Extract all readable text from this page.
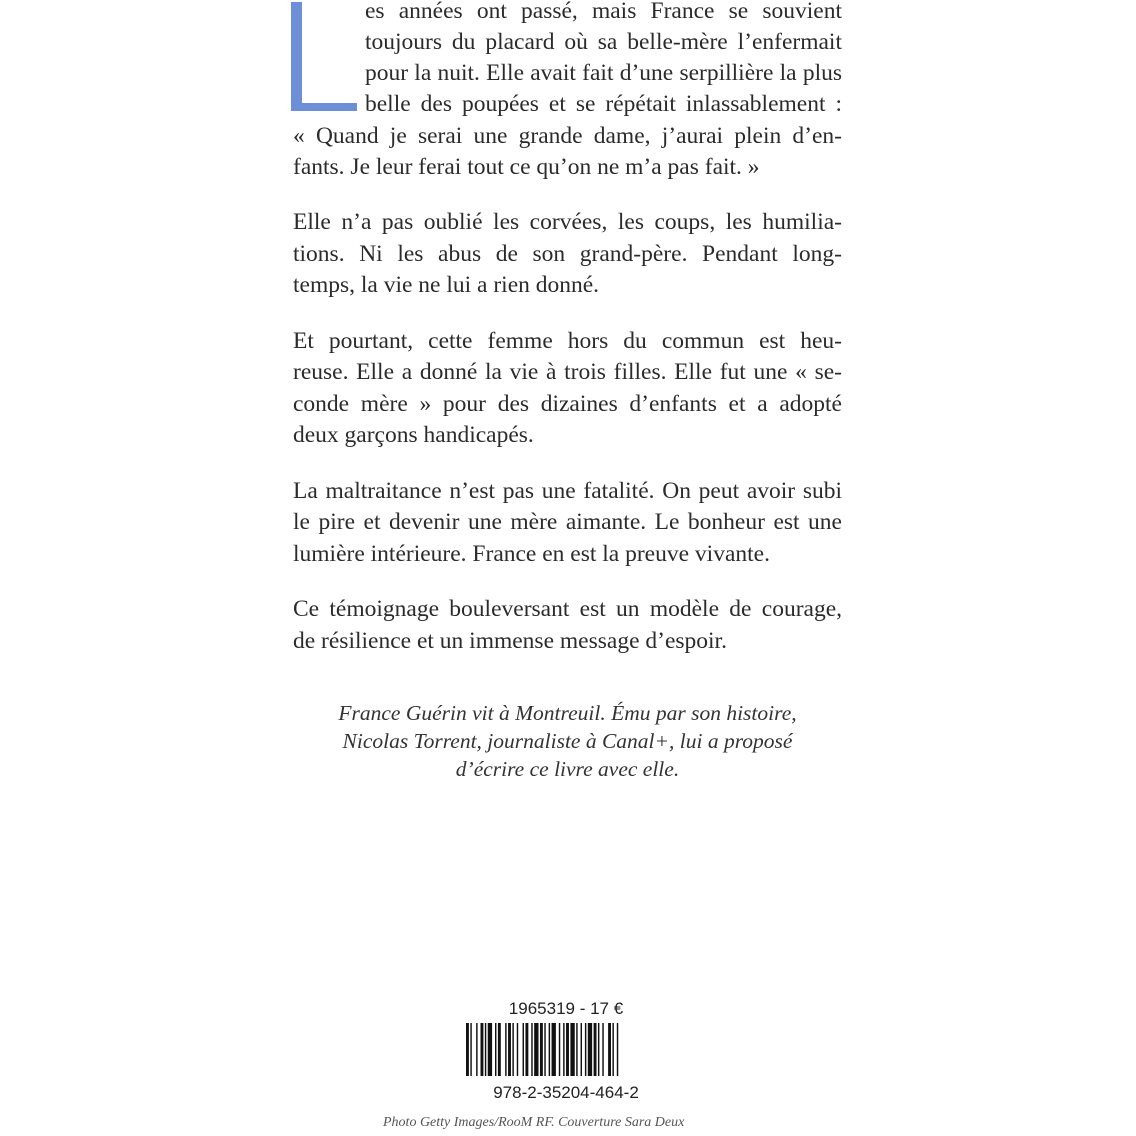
es années ont passé, mais France se souvient
toujours du placard où sa belle-mère l’enfermait
pour la nuit. Elle avait fait d’une serpillière la plus
belle des poupées et se répétait inlassablement :
« Quand je serai une grande dame, j’aurai plein d’en-
fants. Je leur ferai tout ce qu’on ne m’a pas fait. »
Elle n’a pas oublié les corvées, les coups, les humilia-
tions. Ni les abus de son grand-père. Pendant long-
temps, la vie ne lui a rien donné.
Et pourtant, cette femme hors du commun est heu-
reuse. Elle a donné la vie à trois filles. Elle fut une « se-
conde mère » pour des dizaines d’enfants et a adopté
deux garçons handicapés.
La maltraitance n’est pas une fatalité. On peut avoir subi
le pire et devenir une mère aimante. Le bonheur est une
lumière intérieure. France en est la preuve vivante.
Ce témoignage bouleversant est un modèle de courage,
de résilience et un immense message d’espoir.
France Guérin vit à Montreuil. Ému par son histoire,
Nicolas Torrent, journaliste à Canal+, lui a proposé
d’écrire ce livre avec elle.
1965319 - 17 €
978-2-35204-464-2
Photo Getty Images/RooM RF. Couverture Sara Deux
